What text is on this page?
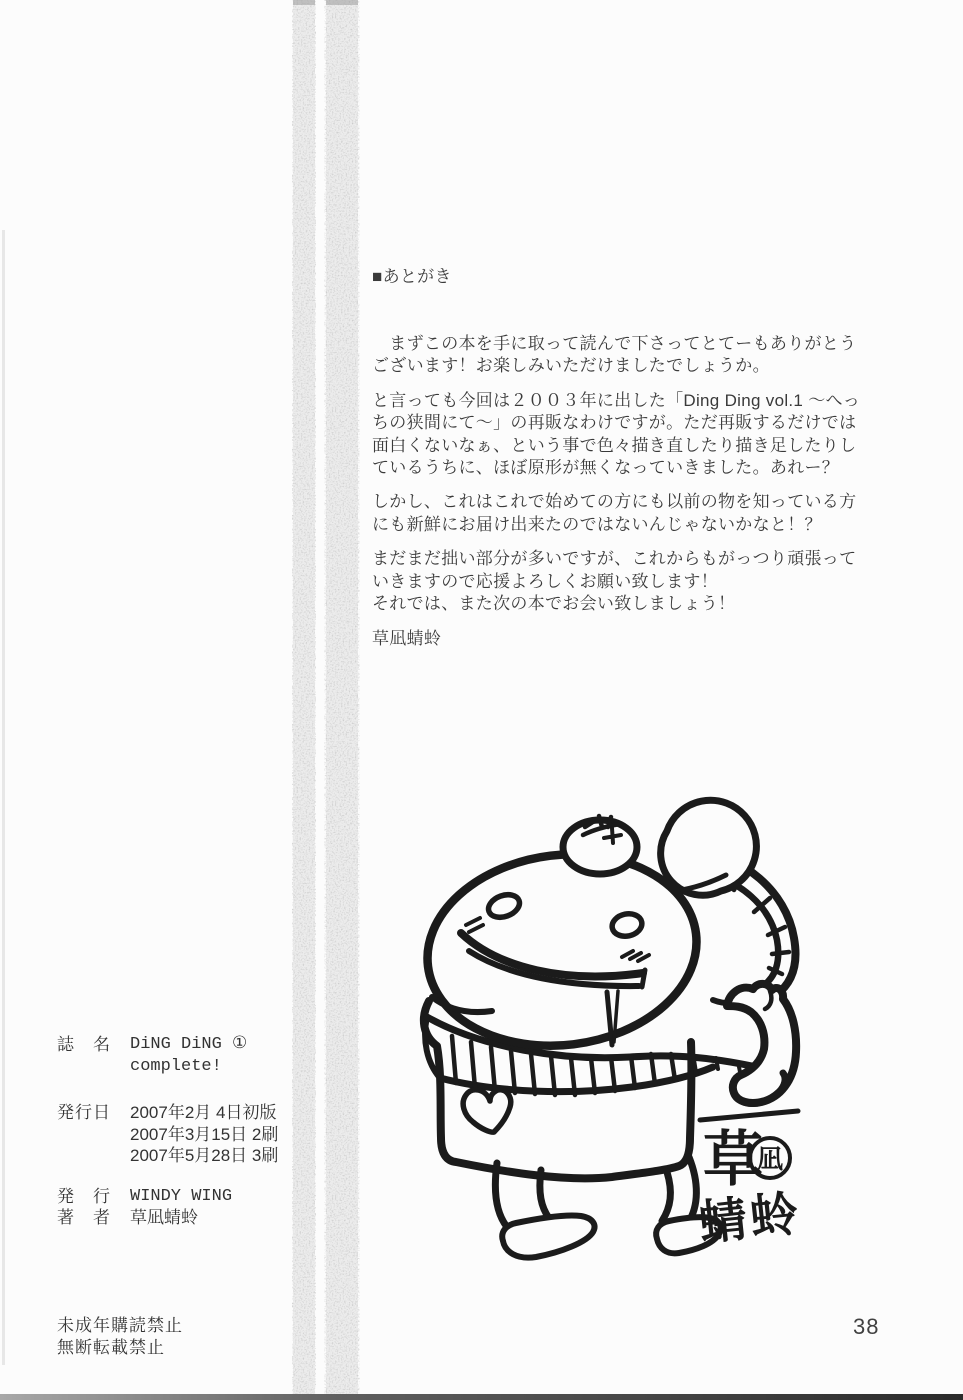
■あとがき

　まずこの本を手に取って読んで下さってとてーもありがとう
ございます！お楽しみいただけましたでしょうか。
と言っても今回は２００３年に出した「Ding Ding vol.1 ～へっ
ちの狭間にて～」の再販なわけですが。ただ再販するだけでは
面白くないなぁ、という事で色々描き直したり描き足したりし
ているうちに、ほぼ原形が無くなっていきました。あれー？
しかし、これはこれで始めての方にも以前の物を知っている方
にも新鮮にお届け出来たのではないんじゃないかなと！？
まだまだ拙い部分が多いですが、これからもがっつり頑張って
いきますので応援よろしくお願い致します！
それでは、また次の本でお会い致しましょう！
草凪蜻蛉

誌　名	DiNG DiNG ①
complete!
発行日	2007年2月 4日初版
2007年3月15日 2刷
2007年5月28日 3刷
発　行	WINDY WING
著　者	草凪蜻蛉

未成年購読禁止
無断転載禁止

38
草
凪
蜻蛉
